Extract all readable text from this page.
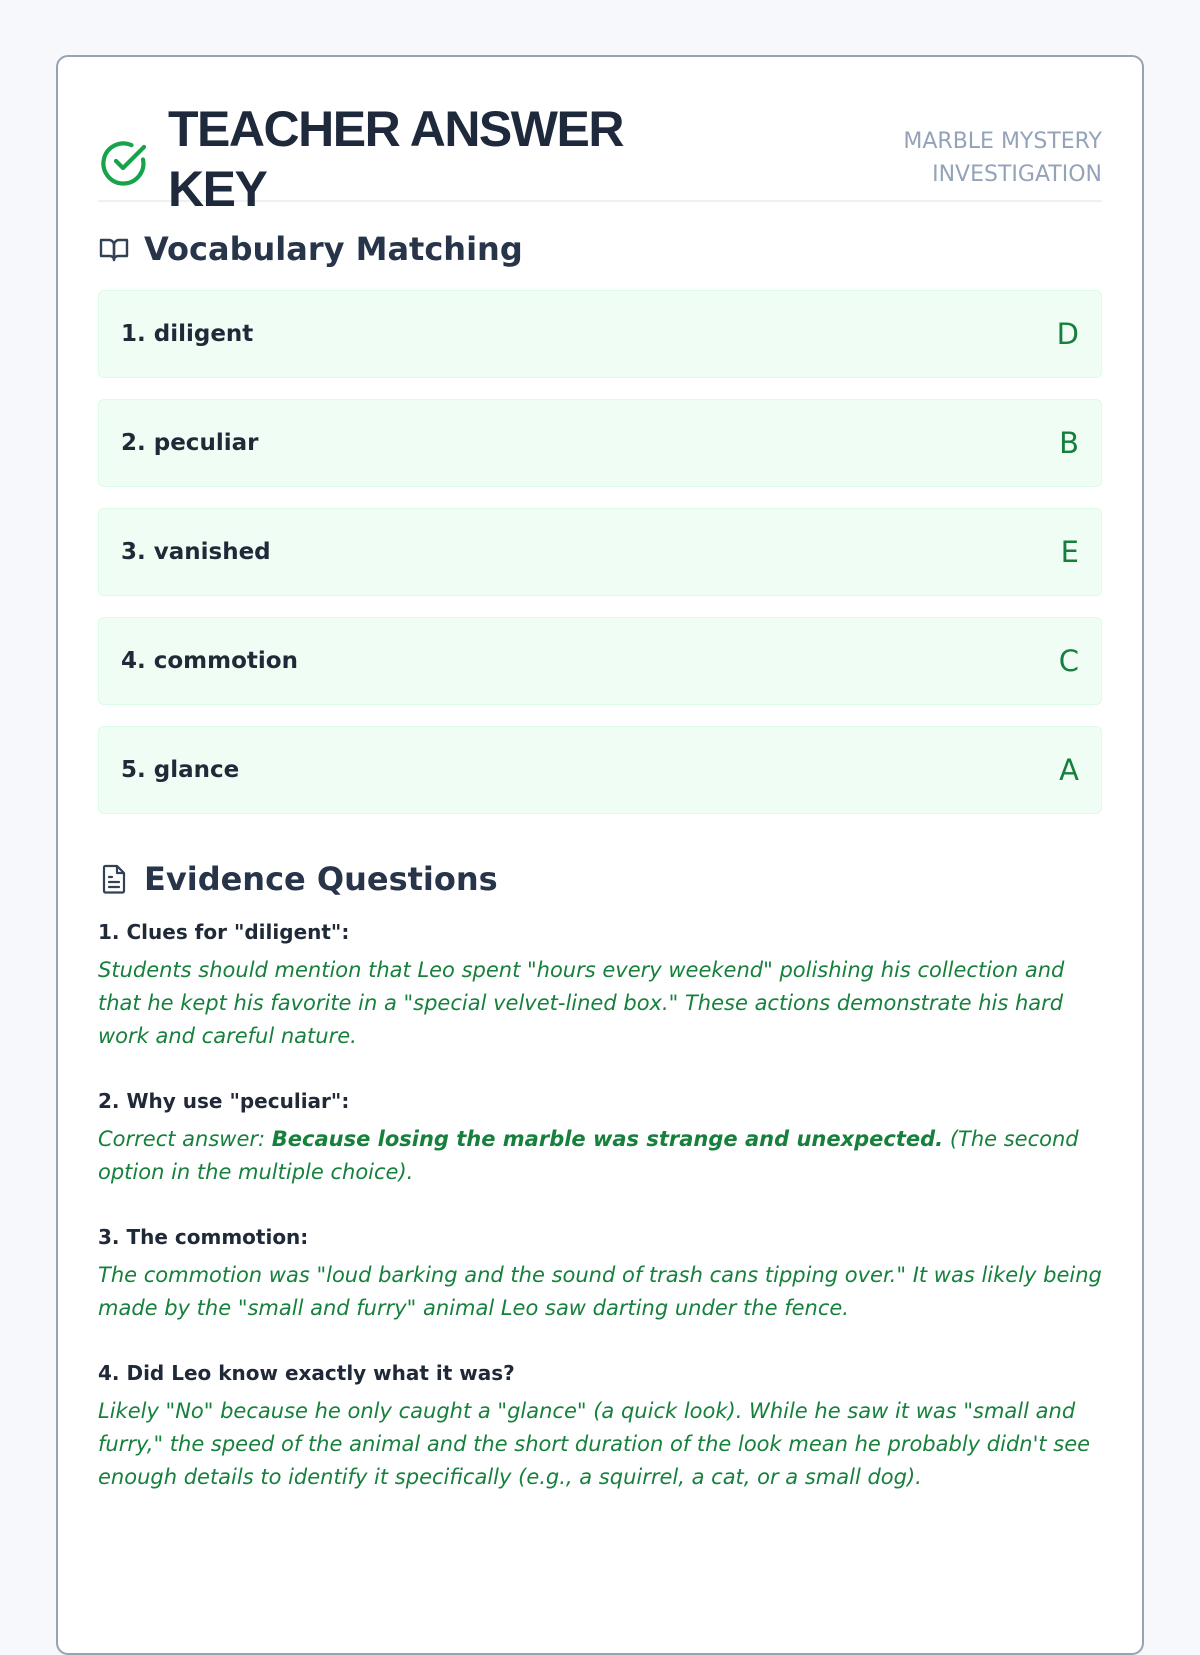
TEACHER ANSWER KEY
MARBLE MYSTERY INVESTIGATION
Vocabulary Matching
1. diligent	D
2. peculiar	B
3. vanished	E
4. commotion	C
5. glance	A
Evidence Questions
1. Clues for "diligent":
Students should mention that Leo spent "hours every weekend" polishing his collection and that he kept his favorite in a "special velvet-lined box." These actions demonstrate his hard work and careful nature.
2. Why use "peculiar":
Correct answer: Because losing the marble was strange and unexpected. (The second option in the multiple choice).
3. The commotion:
The commotion was "loud barking and the sound of trash cans tipping over." It was likely being made by the "small and furry" animal Leo saw darting under the fence.
4. Did Leo know exactly what it was?
Likely "No" because he only caught a "glance" (a quick look). While he saw it was "small and furry," the speed of the animal and the short duration of the look mean he probably didn't see enough details to identify it specifically (e.g., a squirrel, a cat, or a small dog).
